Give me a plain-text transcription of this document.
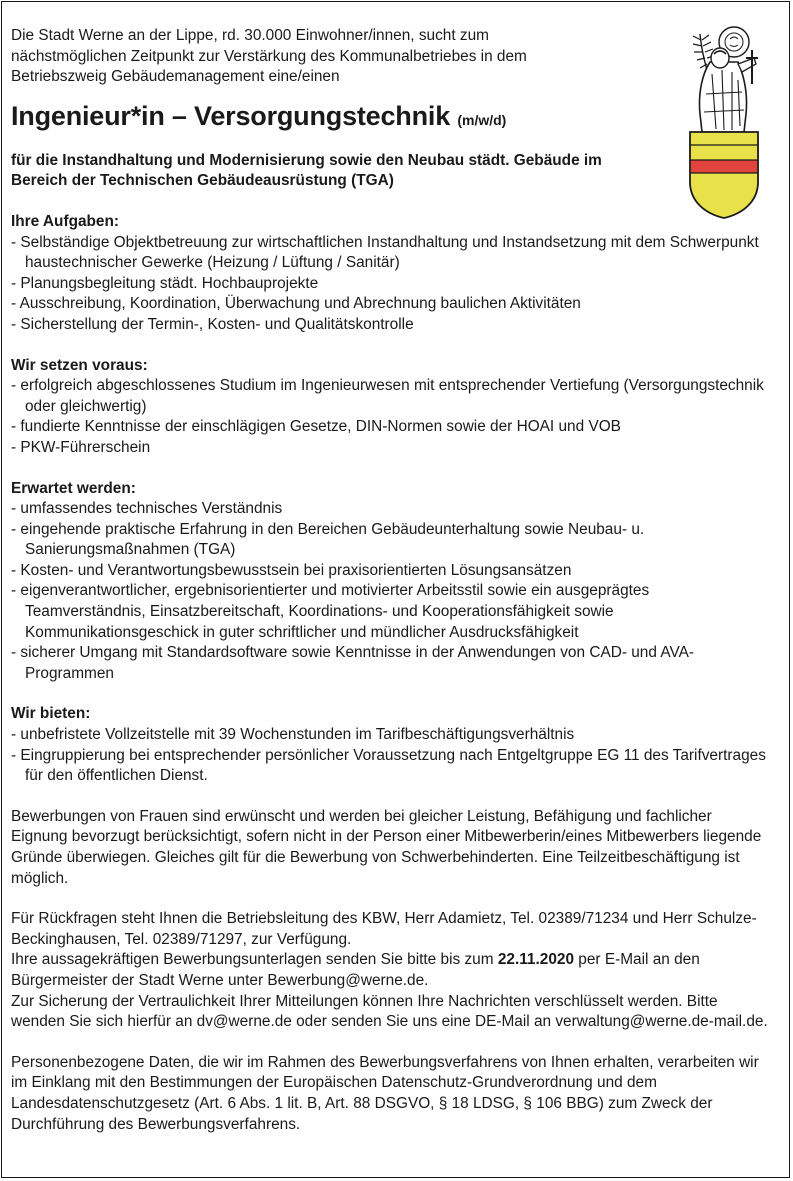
Die Stadt Werne an der Lippe, rd. 30.000 Einwohner/innen, sucht zum nächstmöglichen Zeitpunkt zur Verstärkung des Kommunalbetriebes in dem Betriebszweig Gebäudemanagement eine/einen
Ingenieur*in – Versorgungstechnik (m/w/d)
für die Instandhaltung und Modernisierung sowie den Neubau städt. Gebäude im Bereich der Technischen Gebäudeausrüstung (TGA)
Ihre Aufgaben:
- Selbständige Objektbetreuung zur wirtschaftlichen Instandhaltung und Instandsetzung mit dem Schwerpunkt haustechnischer Gewerke (Heizung / Lüftung / Sanitär)
- Planungsbegleitung städt. Hochbauprojekte
- Ausschreibung, Koordination, Überwachung und Abrechnung baulichen Aktivitäten
- Sicherstellung der Termin-, Kosten- und Qualitätskontrolle
Wir setzen voraus:
- erfolgreich abgeschlossenes Studium im Ingenieurwesen mit entsprechender Vertiefung (Versorgungstechnik oder gleichwertig)
- fundierte Kenntnisse der einschlägigen Gesetze, DIN-Normen sowie der HOAI und VOB
- PKW-Führerschein
Erwartet werden:
- umfassendes technisches Verständnis
- eingehende praktische Erfahrung in den Bereichen Gebäudeunterhaltung sowie Neubau- u. Sanierungsmaßnahmen (TGA)
- Kosten- und Verantwortungsbewusstsein bei praxisorientierten Lösungsansätzen
- eigenverantwortlicher, ergebnisorientierter und motivierter Arbeitsstil sowie ein ausgeprägtes Teamverständnis, Einsatzbereitschaft, Koordinations- und Kooperationsfähigkeit sowie Kommunikationsgeschick in guter schriftlicher und mündlicher Ausdrucksfähigkeit
- sicherer Umgang mit Standardsoftware sowie Kenntnisse in der Anwendungen von CAD- und AVA-Programmen
Wir bieten:
- unbefristete Vollzeitstelle mit 39 Wochenstunden im Tarifbeschäftigungsverhältnis
- Eingruppierung bei entsprechender persönlicher Voraussetzung nach Entgeltgruppe EG 11 des Tarifvertrages für den öffentlichen Dienst.

Bewerbungen von Frauen sind erwünscht und werden bei gleicher Leistung, Befähigung und fachlicher Eignung bevorzugt berücksichtigt, sofern nicht in der Person einer Mitbewerberin/eines Mitbewerbers liegende Gründe überwiegen. Gleiches gilt für die Bewerbung von Schwerbehinderten. Eine Teilzeitbeschäftigung ist möglich.

Für Rückfragen steht Ihnen die Betriebsleitung des KBW, Herr Adamietz, Tel. 02389/71234 und Herr Schulze-Beckinghausen, Tel. 02389/71297, zur Verfügung.

Ihre aussagekräftigen Bewerbungsunterlagen senden Sie bitte bis zum 22.11.2020 per E-Mail an den Bürgermeister der Stadt Werne unter Bewerbung@werne.de.

Zur Sicherung der Vertraulichkeit Ihrer Mitteilungen können Ihre Nachrichten verschlüsselt werden. Bitte wenden Sie sich hierfür an dv@werne.de oder senden Sie uns eine DE-Mail an verwaltung@werne.de-mail.de.

Personenbezogene Daten, die wir im Rahmen des Bewerbungsverfahrens von Ihnen erhalten, verarbeiten wir im Einklang mit den Bestimmungen der Europäischen Datenschutz-Grundverordnung und dem Landesdatenschutzgesetz (Art. 6 Abs. 1 lit. B, Art. 88 DSGVO, § 18 LDSG, § 106 BBG) zum Zweck der Durchführung des Bewerbungsverfahrens.
